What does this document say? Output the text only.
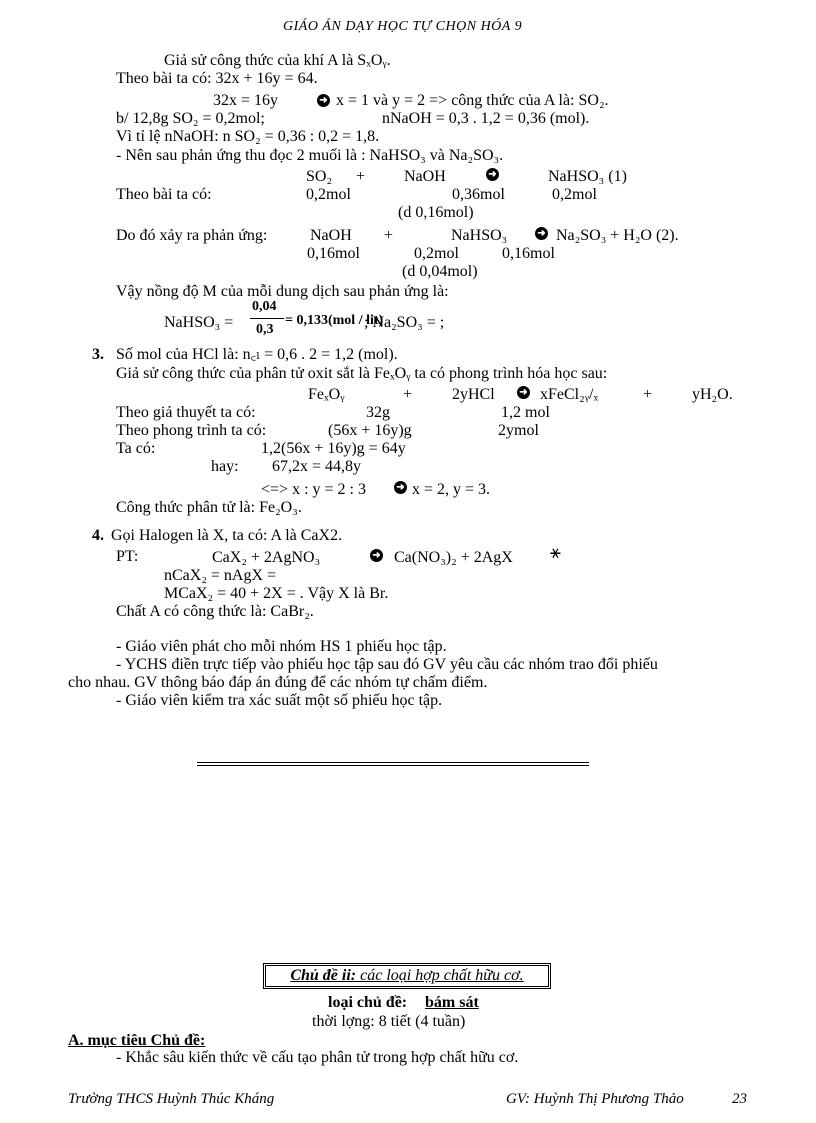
GIÁO ÁN DẠY HỌC TỰ CHỌN HÓA 9
Giả sử công thức của khí A là SₓOᵧ.
Theo bài ta có: 32x + 16y = 64.
32x = 16y	➜ x = 1 và y = 2 => công thức của A là: SO₂.
b/ 12,8g SO₂ = 0,2mol;	nNaOH = 0,3 . 1,2 = 0,36 (mol).
Vì tỉ lệ nNaOH: n SO₂ = 0,36 : 0,2 = 1,8.
- Nên sau phản ứng thu đọc 2 muối là : NaHSO₃ và Na₂SO₃.
SO₂ + NaOH	➜	NaHSO₃ (1)
Theo bài ta có:	0,2mol	0,36mol	0,2mol
(d 0,16mol)
Do đó xảy ra phản ứng:	NaOH +	NaHSO₃	➜ Na₂SO₃ + H₂O (2).
0,16mol	0,2mol	0,16mol
(d 0,04mol)
Vậy nồng độ M của mỗi dung dịch sau phản ứng là:
NaHSO₃ =
0,04
0,3
= 0,133(mol / lit)
; Na₂SO₃ = ;
3. Số mol của HCl là: n꜀ₗ = 0,6 . 2 = 1,2 (mol).
Giả sử công thức của phân tử oxit sắt là FeₓOᵧ ta có phong trình hóa học sau:
FeₓOᵧ	+ 2yHCl ➜ xFeCl₂ᵧ/ₓ	+ yH₂O.
Theo giả thuyết ta có:	32g	1,2 mol
Theo phong trình ta có:	(56x + 16y)g	2ymol
Ta có:	1,2(56x + 16y)g = 64y
hay: 67,2x = 44,8y
<=> x : y = 2 : 3	➜ x = 2, y = 3.
Công thức phân tử là: Fe₂O₃.
4. Gọi Halogen là X, ta có: A là CaX2.
PT:	CaX₂ + 2AgNO₃	➜ Ca(NO₃)₂ + 2AgX ⚹
nCaX₂ = nAgX =
MCaX₂ = 40 + 2X = . Vậy X là Br.
Chất A có công thức là: CaBr₂.
- Giáo viên phát cho mỗi nhóm HS 1 phiếu học tập.
- YCHS điền trực tiếp vào phiếu học tập sau đó GV yêu cầu các nhóm trao đổi phiếu
cho nhau. GV thông báo đáp án đúng để các nhóm tự chấm điểm.
- Giáo viên kiểm tra xác suất một số phiếu học tập.
Chủ đề ii: các loại hợp chất hữu cơ.
loại chủ đề: bám sát
thời lợng: 8 tiết (4 tuần)
A. mục tiêu Chủ đề:
- Khắc sâu kiến thức về cấu tạo phân tử trong hợp chất hữu cơ.
Trường THCS Huỳnh Thúc Kháng	GV: Huỳnh Thị Phương Thảo	23
